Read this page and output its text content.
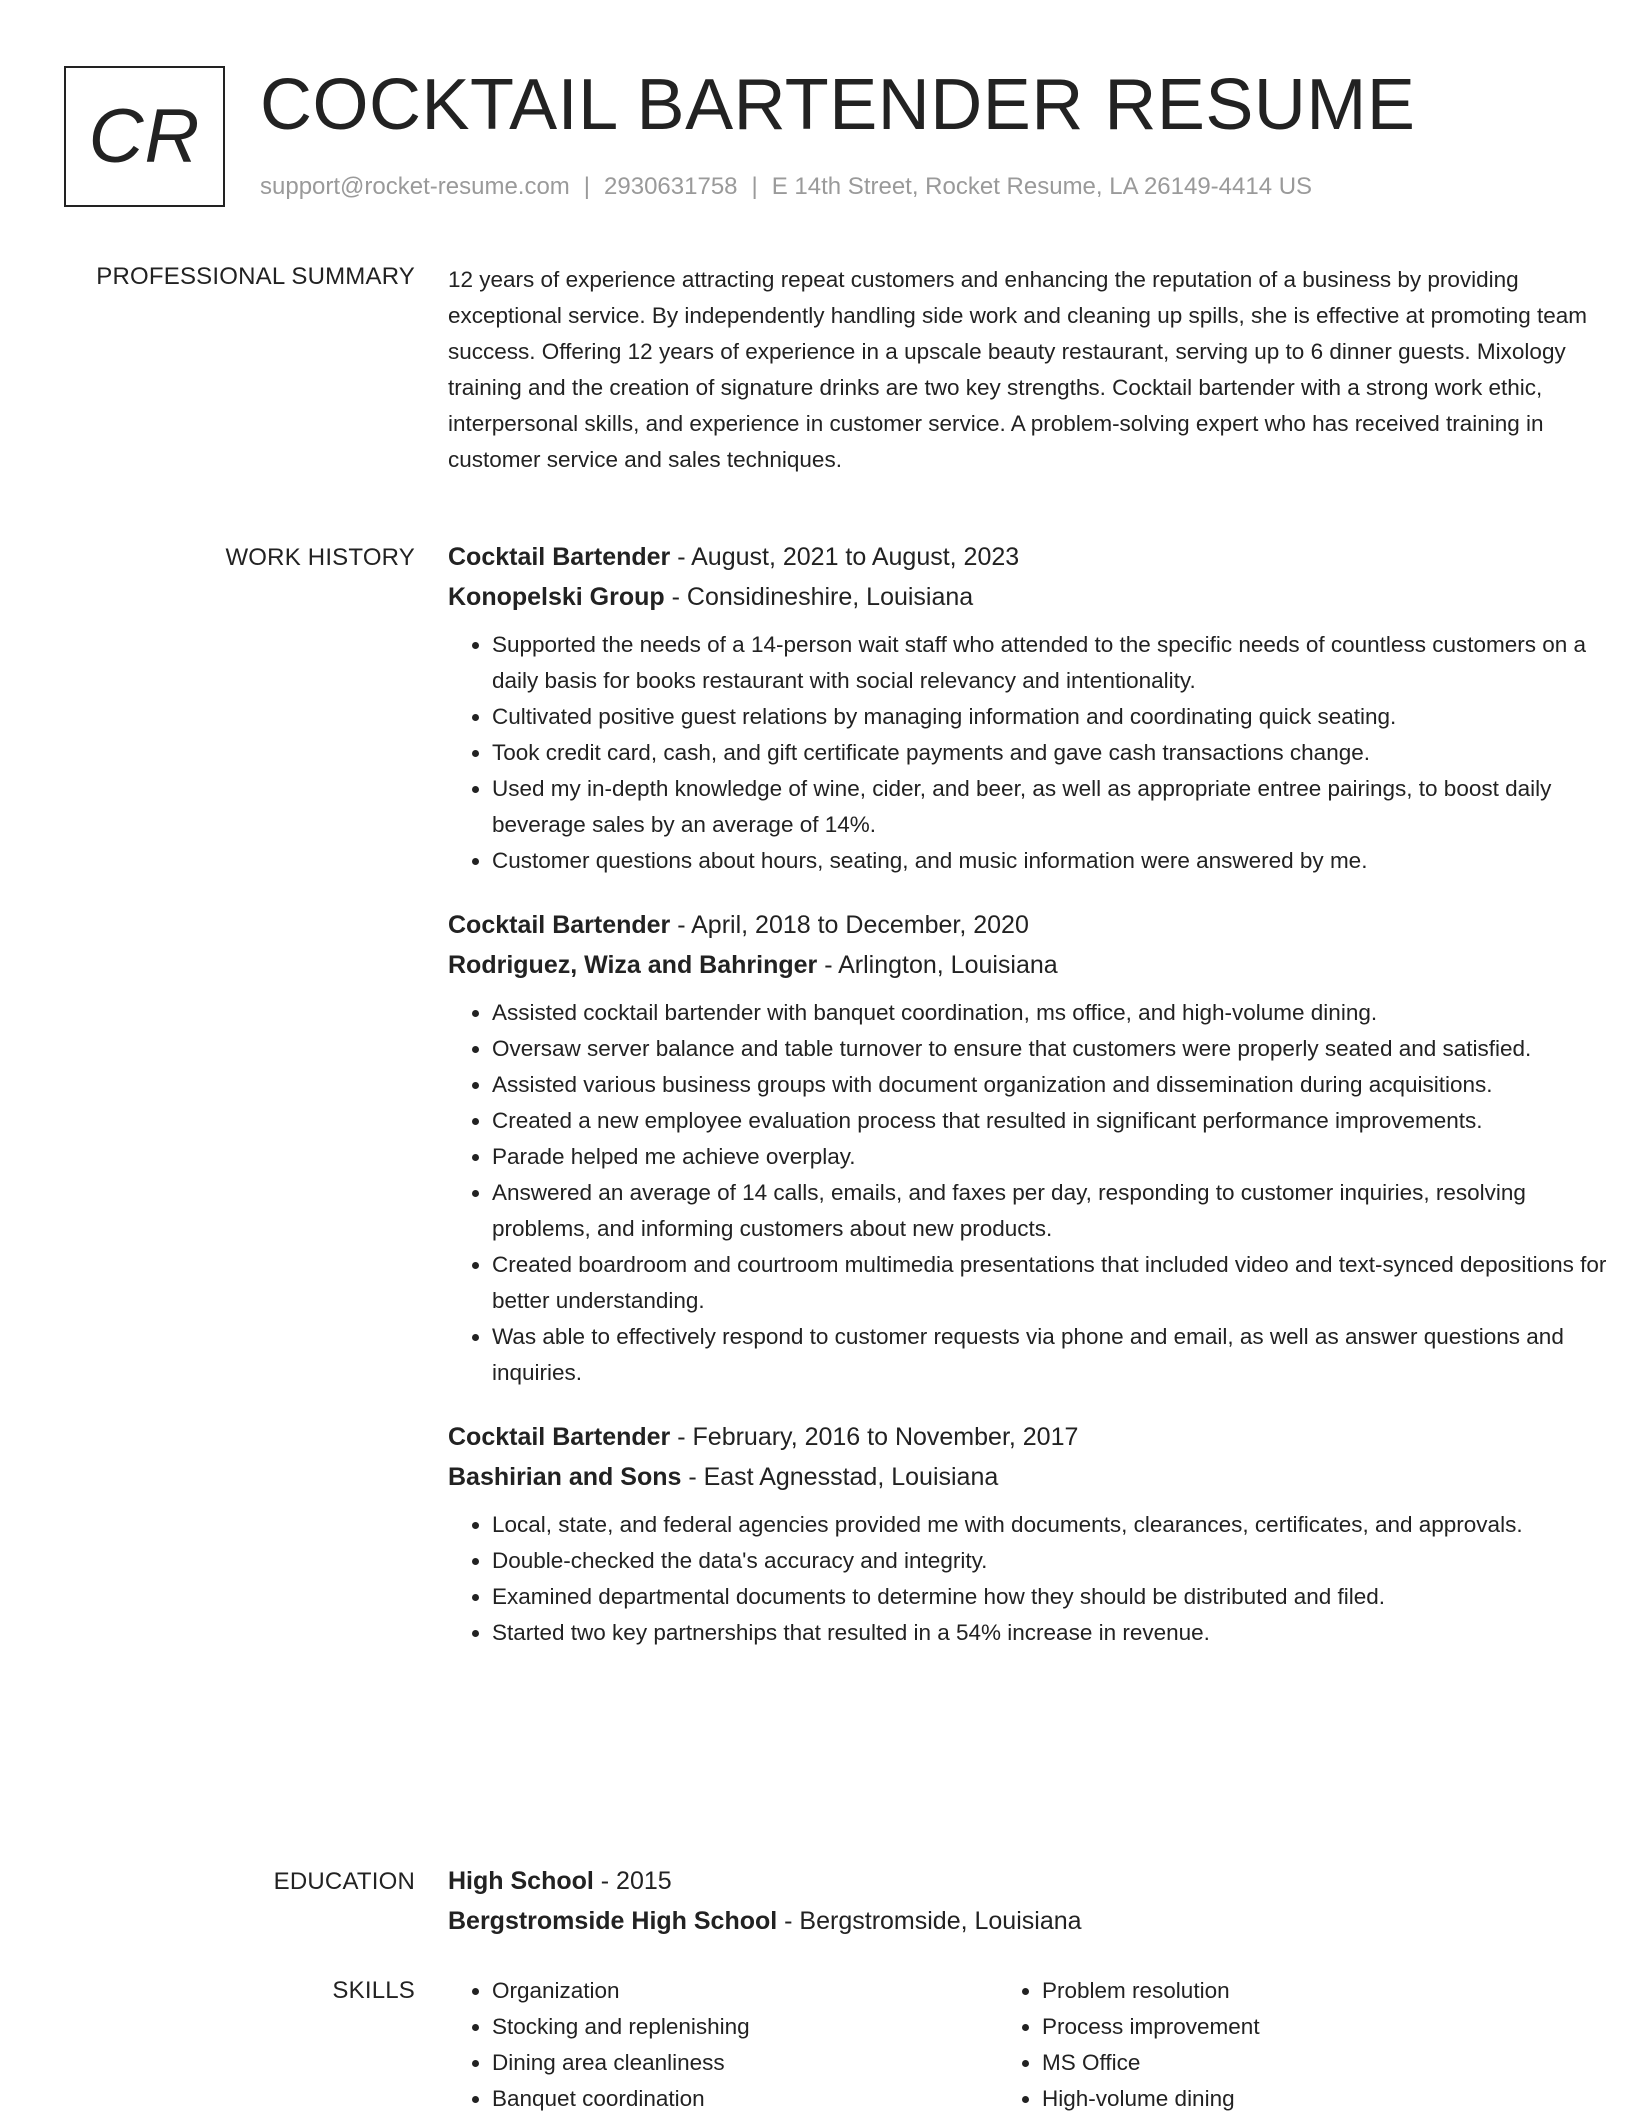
CR COCKTAIL BARTENDER RESUME
support@rocket-resume.com | 2930631758 | E 14th Street, Rocket Resume, LA 26149-4414 US
PROFESSIONAL SUMMARY 12 years of experience attracting repeat customers and enhancing the reputation of a business by providing exceptional service. By independently handling side work and cleaning up spills, she is effective at promoting team success. Offering 12 years of experience in a upscale beauty restaurant, serving up to 6 dinner guests. Mixology training and the creation of signature drinks are two key strengths. Cocktail bartender with a strong work ethic, interpersonal skills, and experience in customer service. A problem-solving expert who has received training in customer service and sales techniques.

WORK HISTORY Cocktail Bartender - August, 2021 to August, 2023
Konopelski Group - Considineshire, Louisiana
• Supported the needs of a 14-person wait staff who attended to the specific needs of countless customers on a daily basis for books restaurant with social relevancy and intentionality.
• Cultivated positive guest relations by managing information and coordinating quick seating.
• Took credit card, cash, and gift certificate payments and gave cash transactions change.
• Used my in-depth knowledge of wine, cider, and beer, as well as appropriate entree pairings, to boost daily beverage sales by an average of 14%.
• Customer questions about hours, seating, and music information were answered by me.
Cocktail Bartender - April, 2018 to December, 2020
Rodriguez, Wiza and Bahringer - Arlington, Louisiana
• Assisted cocktail bartender with banquet coordination, ms office, and high-volume dining.
• Oversaw server balance and table turnover to ensure that customers were properly seated and satisfied.
• Assisted various business groups with document organization and dissemination during acquisitions.
• Created a new employee evaluation process that resulted in significant performance improvements.
• Parade helped me achieve overplay.
• Answered an average of 14 calls, emails, and faxes per day, responding to customer inquiries, resolving problems, and informing customers about new products.
• Created boardroom and courtroom multimedia presentations that included video and text-synced depositions for better understanding.
• Was able to effectively respond to customer requests via phone and email, as well as answer questions and inquiries.
Cocktail Bartender - February, 2016 to November, 2017
Bashirian and Sons - East Agnesstad, Louisiana
• Local, state, and federal agencies provided me with documents, clearances, certificates, and approvals.
• Double-checked the data's accuracy and integrity.
• Examined departmental documents to determine how they should be distributed and filed.
• Started two key partnerships that resulted in a 54% increase in revenue.
EDUCATION High School - 2015
Bergstromside High School - Bergstromside, Louisiana
SKILLS
•	Organization
• Stocking and replenishing
• Dining area cleanliness
• Banquet coordination
• Problem resolution
• Process improvement
• MS Office
• High-volume dining
